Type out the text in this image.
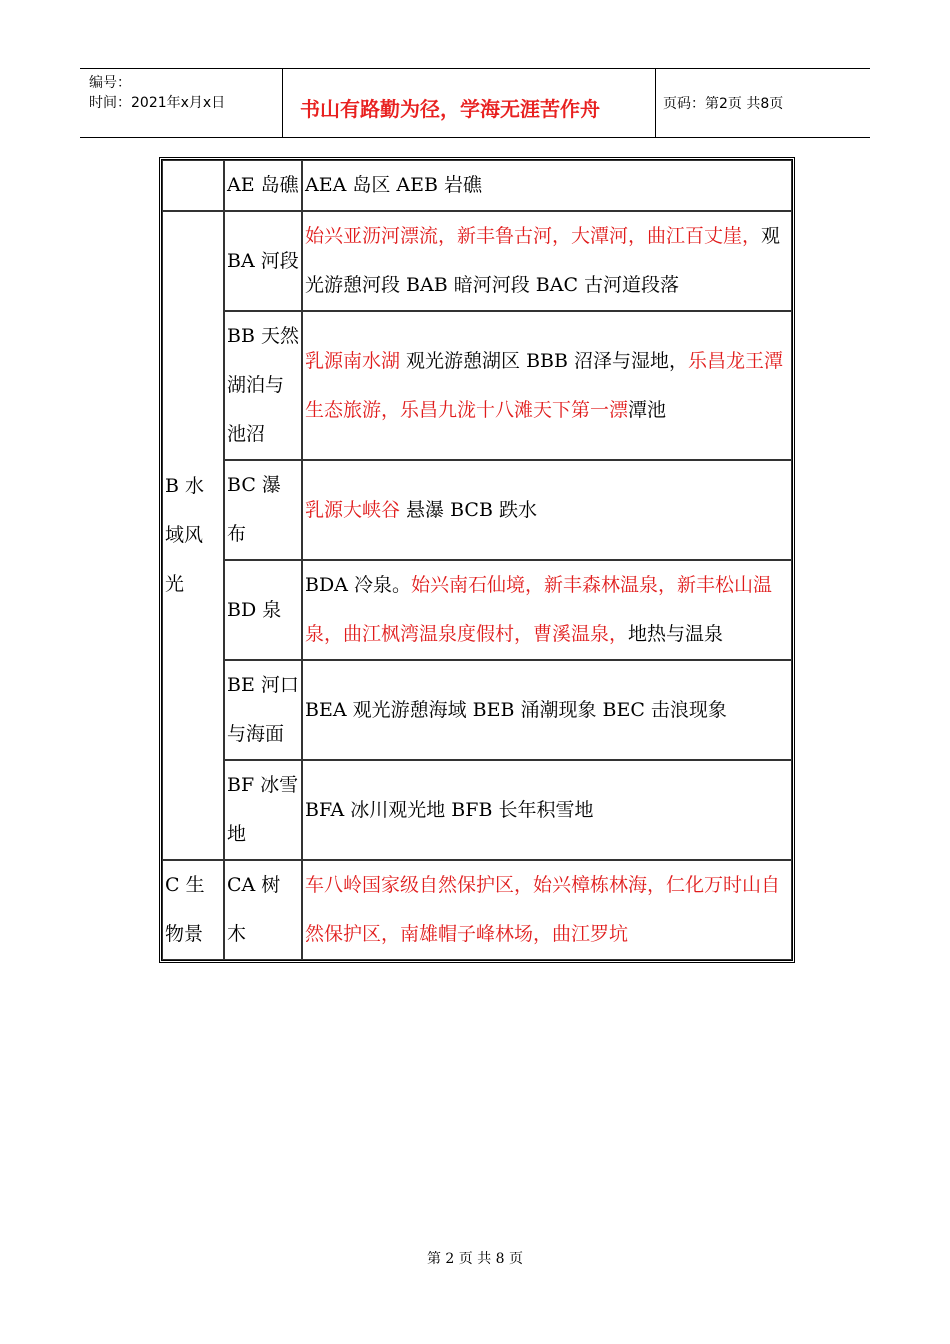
编号：
时间：2021年x月x日	书山有路勤为径，学海无涯苦作舟	页码：第2页 共8页
	AE 岛礁	AEA 岛区 AEB 岩礁
B 水域风光	BA 河段	始兴亚沥河漂流，新丰鲁古河，大潭河，曲江百丈崖，观光游憩河段 BAB 暗河河段 BAC 古河道段落
	BB 天然湖泊与池沼	乳源南水湖 观光游憩湖区 BBB 沼泽与湿地，乐昌龙王潭生态旅游，乐昌九泷十八滩天下第一漂潭池
	BC 瀑布	乳源大峡谷 悬瀑 BCB 跌水
	BD 泉	BDA 冷泉。始兴南石仙境，新丰森林温泉，新丰松山温泉，曲江枫湾温泉度假村，曹溪温泉，地热与温泉
	BE 河口与海面	BEA 观光游憩海域 BEB 涌潮现象 BEC 击浪现象
	BF 冰雪地	BFA 冰川观光地 BFB 长年积雪地
C 生物景	CA 树木	车八岭国家级自然保护区，始兴樟栋林海，仁化万时山自然保护区，南雄帽子峰林场，曲江罗坑
第 2 页 共 8 页
